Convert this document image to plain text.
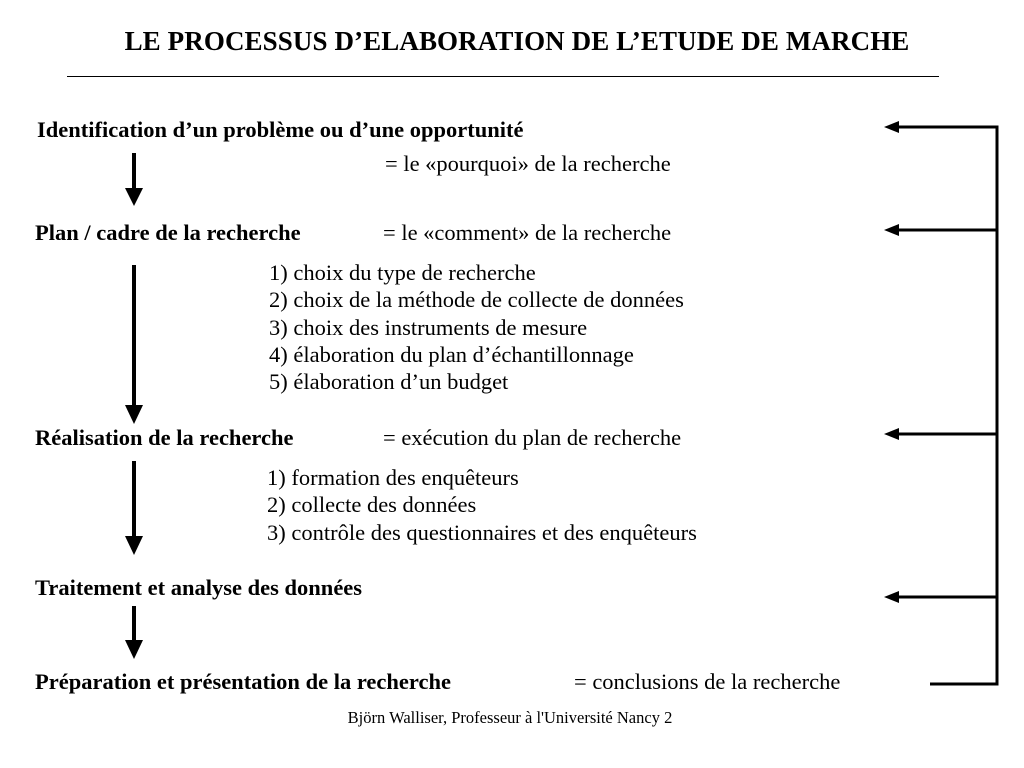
LE PROCESSUS D’ELABORATION DE L’ETUDE DE MARCHE
Identification d’un problème ou d’une opportunité
= le «pourquoi» de la recherche
Plan / cadre de la recherche	= le «comment» de la recherche
1) choix du type de recherche
2) choix de la méthode de collecte de données
3) choix des instruments de mesure
4) élaboration du plan d’échantillonnage
5) élaboration d’un budget
Réalisation de la recherche	= exécution du plan de recherche
1) formation des enquêteurs
2) collecte des données
3) contrôle des questionnaires et des enquêteurs
Traitement et analyse des données
Préparation et présentation de la recherche	= conclusions de la recherche
Björn Walliser, Professeur à l'Université Nancy 2
